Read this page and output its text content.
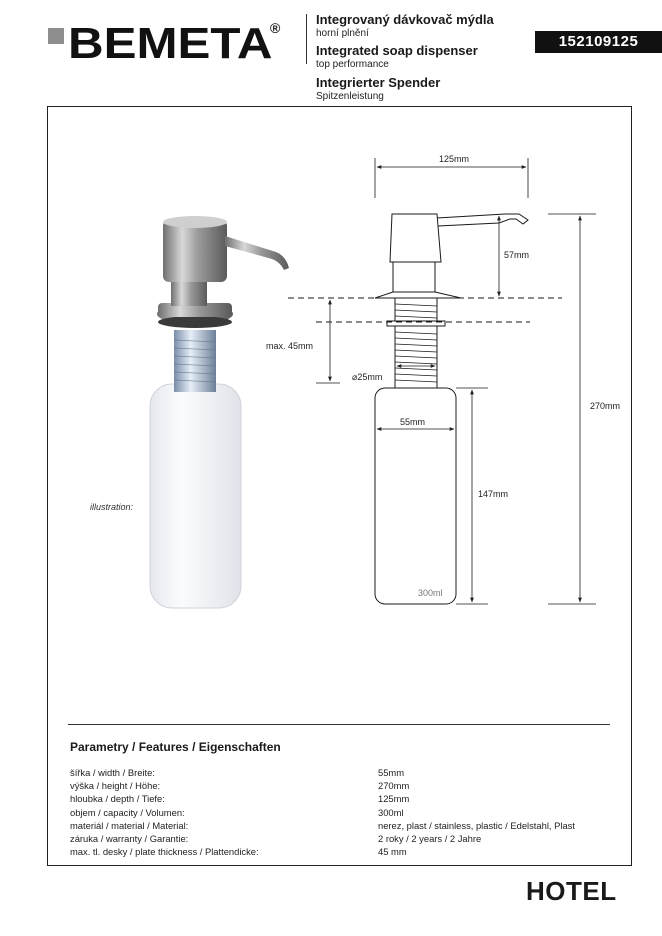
BEMETA
®
Integrovaný dávkovač mýdla
horní plnění
Integrated soap dispenser
top performance
Integrierter Spender
Spitzenleistung
152109125
125mm
57mm
270mm
max. 45mm
⌀25mm
55mm
147mm
300ml
illustration:
Parametry / Features / Eigenschaften
šířka / width / Breite:	55mm
výška / height / Höhe:	270mm
hloubka / depth / Tiefe:	125mm
objem / capacity / Volumen:	300ml
materiál / material / Material:	nerez, plast / stainless, plastic / Edelstahl, Plast
záruka / warranty / Garantie:	2 roky / 2 years / 2 Jahre
max. tl. desky / plate thickness / Plattendicke:	45 mm
HOTEL
